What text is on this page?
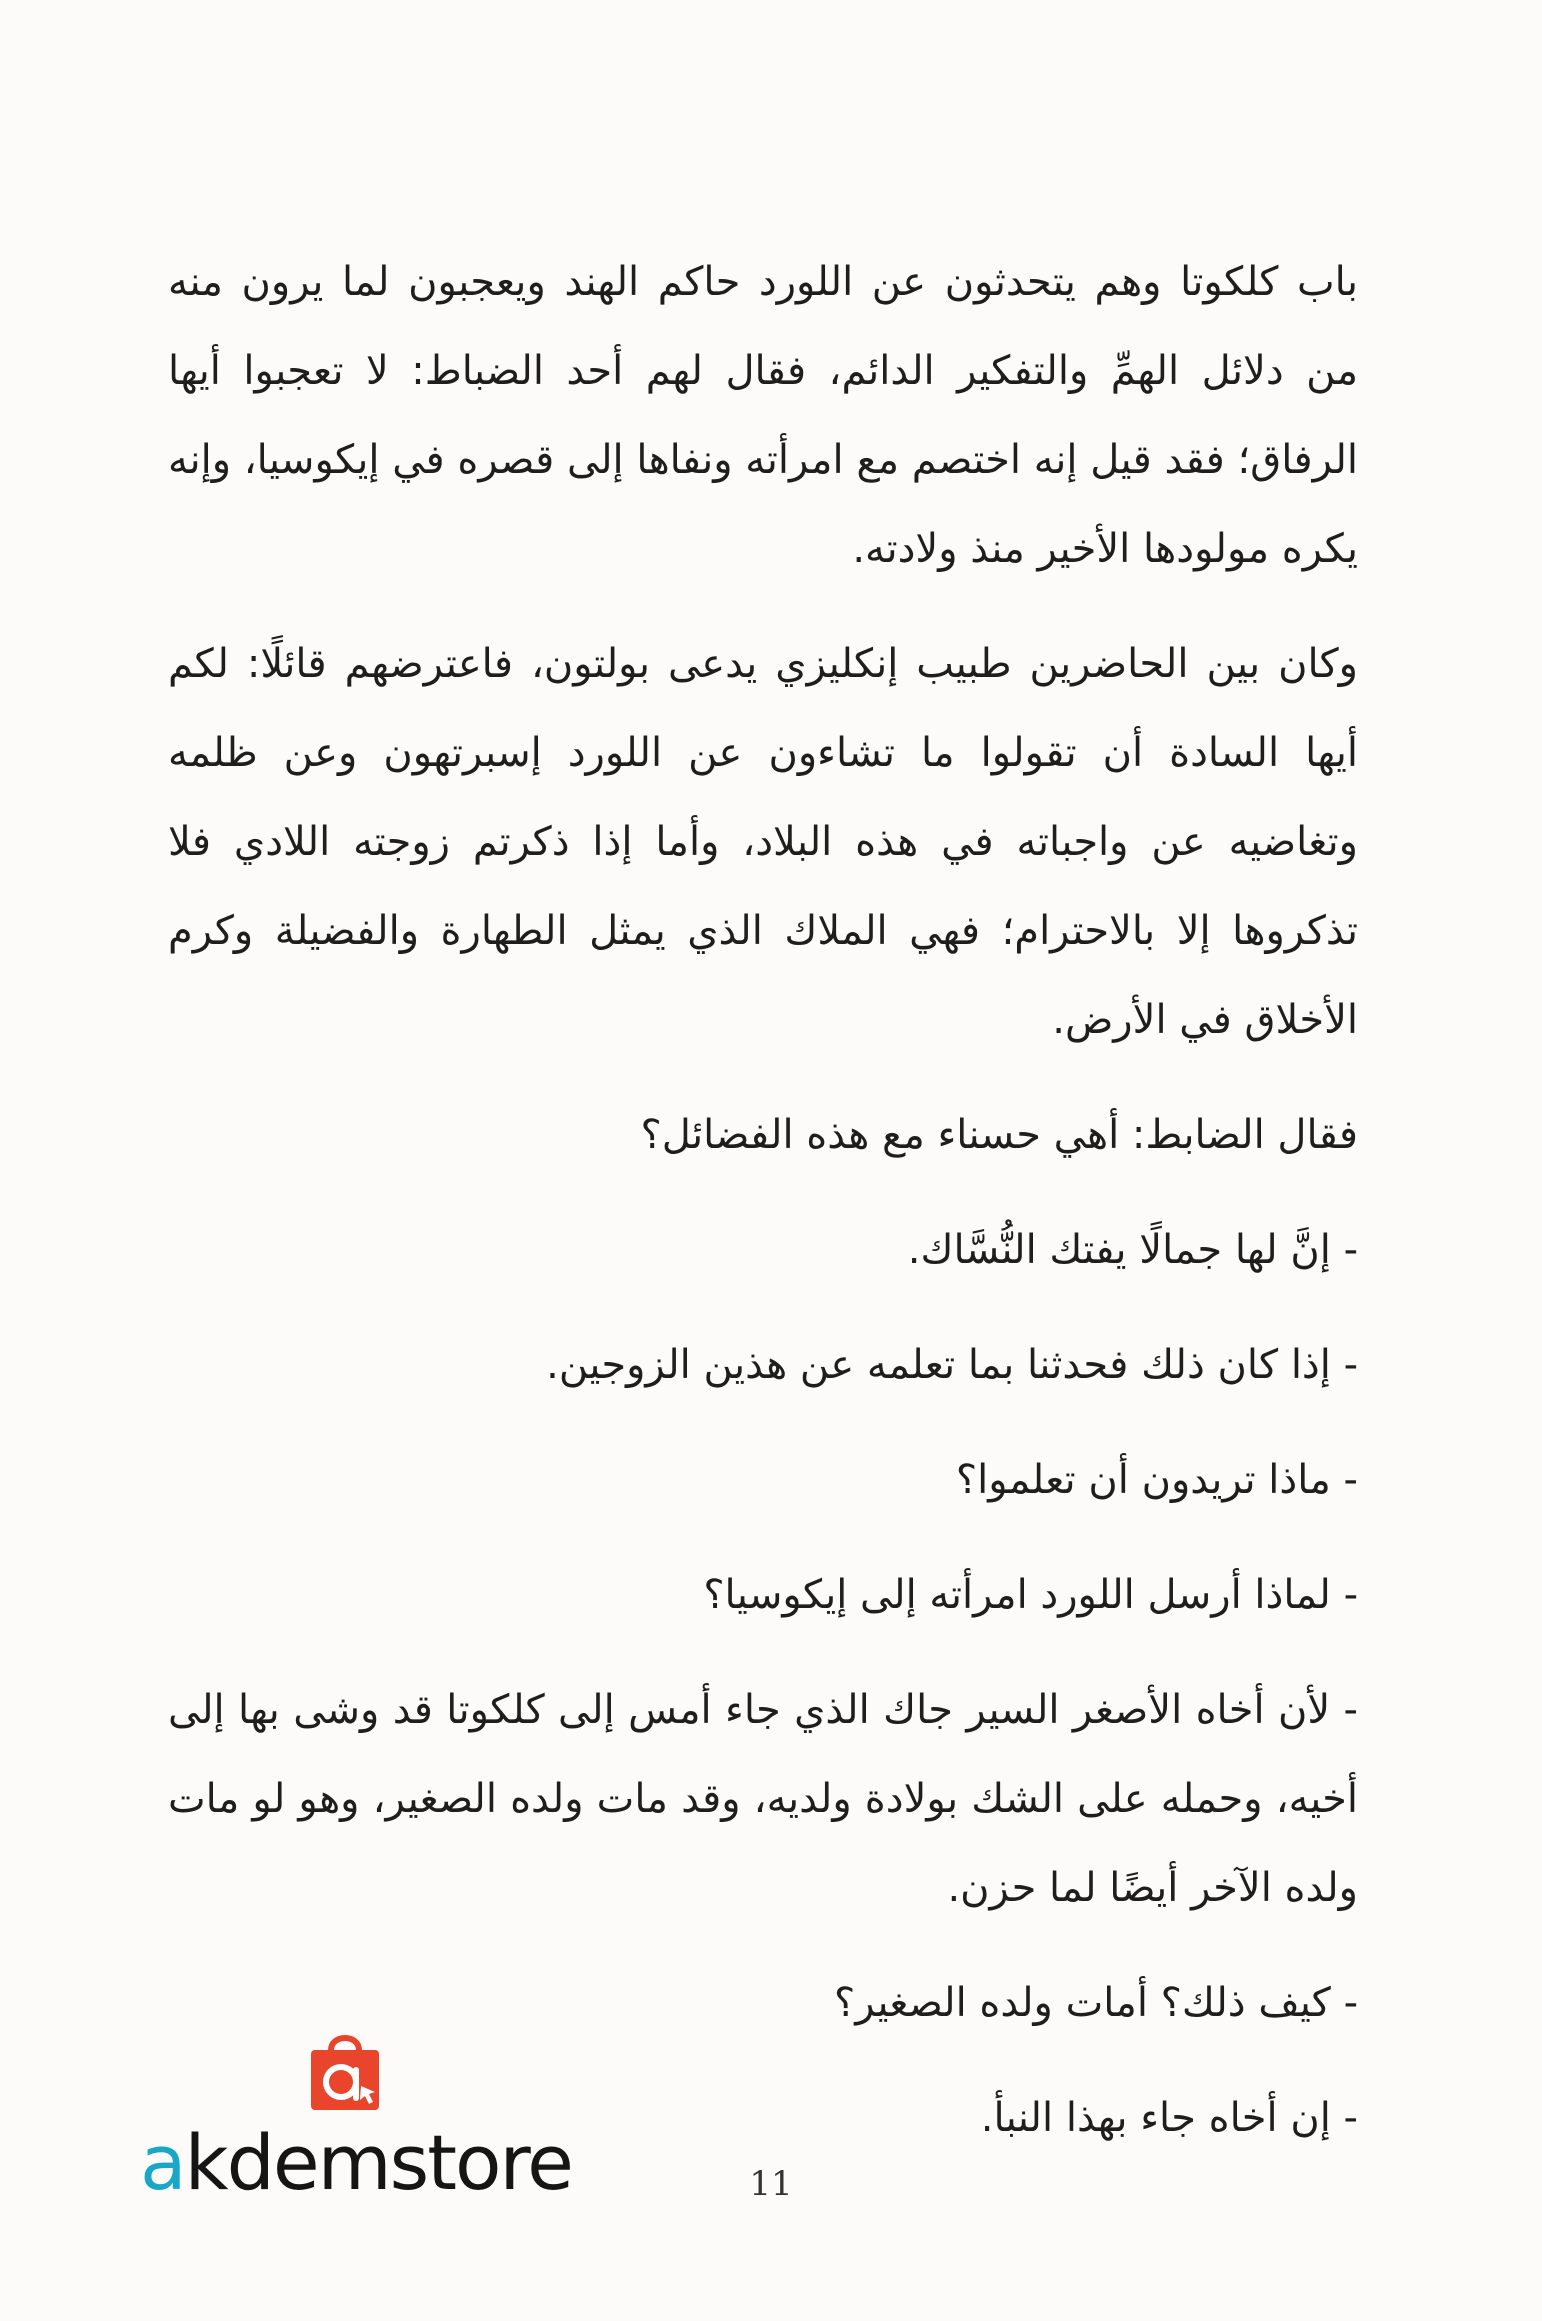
باب كلكوتا وهم يتحدثون عن اللورد حاكم الهند ويعجبون لما يرون منه من دلائل الهمِّ والتفكير الدائم، فقال لهم أحد الضباط: لا تعجبوا أيها الرفاق؛ فقد قيل إنه اختصم مع امرأته ونفاها إلى قصره في إيكوسيا، وإنه يكره مولودها الأخير منذ ولادته.

وكان بين الحاضرين طبيب إنكليزي يدعى بولتون، فاعترضهم قائلًا: لكم أيها السادة أن تقولوا ما تشاءون عن اللورد إسبرتهون وعن ظلمه وتغاضيه عن واجباته في هذه البلاد، وأما إذا ذكرتم زوجته اللادي فلا تذكروها إلا بالاحترام؛ فهي الملاك الذي يمثل الطهارة والفضيلة وكرم الأخلاق في الأرض.

فقال الضابط: أهي حسناء مع هذه الفضائل؟

- إنَّ لها جمالًا يفتك النُّسَّاك.

- إذا كان ذلك فحدثنا بما تعلمه عن هذين الزوجين.

- ماذا تريدون أن تعلموا؟

- لماذا أرسل اللورد امرأته إلى إيكوسيا؟

- لأن أخاه الأصغر السير جاك الذي جاء أمس إلى كلكوتا قد وشى بها إلى أخيه، وحمله على الشك بولادة ولديه، وقد مات ولده الصغير، وهو لو مات ولده الآخر أيضًا لما حزن.

- كيف ذلك؟ أمات ولده الصغير؟

- إن أخاه جاء بهذا النبأ.

akdemstore	11
